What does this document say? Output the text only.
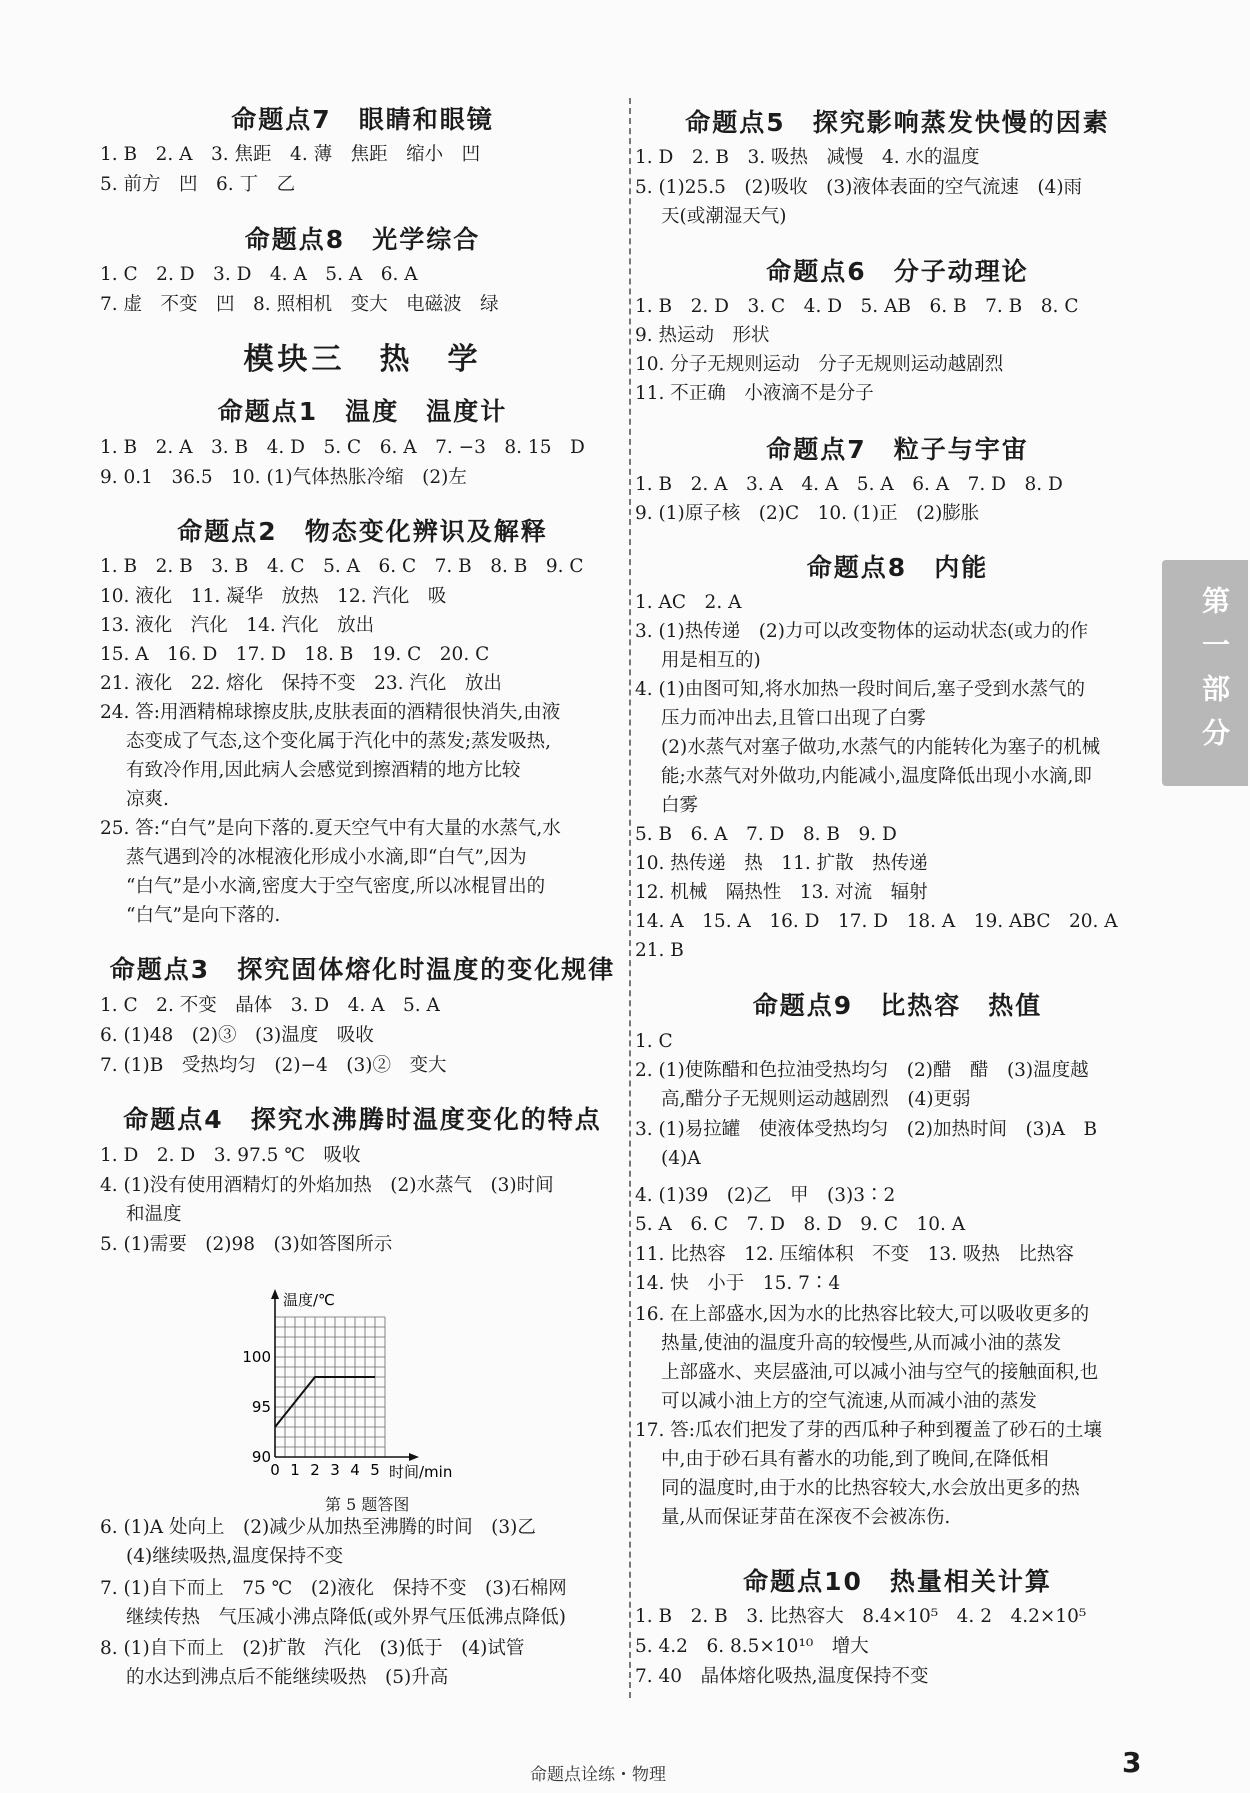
命题点7　眼睛和眼镜
1. B　2. A　3. 焦距　4. 薄　焦距　缩小　凹
5. 前方　凹　6. 丁　乙
命题点8　光学综合
1. C　2. D　3. D　4. A　5. A　6. A
7. 虚　不变　凹　8. 照相机　变大　电磁波　绿
模块三　热　学
命题点1　温度　温度计
1. B　2. A　3. B　4. D　5. C　6. A　7. −3　8. 15　D
9. 0.1　36.5　10. (1)气体热胀冷缩　(2)左
命题点2　物态变化辨识及解释
1. B　2. B　3. B　4. C　5. A　6. C　7. B　8. B　9. C
10. 液化　11. 凝华　放热　12. 汽化　吸
13. 液化　汽化　14. 汽化　放出
15. A　16. D　17. D　18. B　19. C　20. C
21. 液化　22. 熔化　保持不变　23. 汽化　放出
24. 答:用酒精棉球擦皮肤,皮肤表面的酒精很快消失,由液
态变成了气态,这个变化属于汽化中的蒸发;蒸发吸热,
有致冷作用,因此病人会感觉到擦酒精的地方比较
凉爽.
25. 答:“白气”是向下落的.夏天空气中有大量的水蒸气,水
蒸气遇到冷的冰棍液化形成小水滴,即“白气”,因为
“白气”是小水滴,密度大于空气密度,所以冰棍冒出的
“白气”是向下落的.
命题点3　探究固体熔化时温度的变化规律
1. C　2. 不变　晶体　3. D　4. A　5. A
6. (1)48　(2)③　(3)温度　吸收
7. (1)B　受热均匀　(2)−4　(3)②　变大
命题点4　探究水沸腾时温度变化的特点
1. D　2. D　3. 97.5 ℃　吸收
4. (1)没有使用酒精灯的外焰加热　(2)水蒸气　(3)时间
和温度
5. (1)需要　(2)98　(3)如答图所示
6. (1)A 处向上　(2)减少从加热至沸腾的时间　(3)乙
(4)继续吸热,温度保持不变
7. (1)自下而上　75 ℃　(2)液化　保持不变　(3)石棉网
继续传热　气压减小沸点降低(或外界气压低沸点降低)
8. (1)自下而上　(2)扩散　汽化　(3)低于　(4)试管
的水达到沸点后不能继续吸热　(5)升高
命题点5　探究影响蒸发快慢的因素
1. D　2. B　3. 吸热　减慢　4. 水的温度
5. (1)25.5　(2)吸收　(3)液体表面的空气流速　(4)雨
天(或潮湿天气)
命题点6　分子动理论
1. B　2. D　3. C　4. D　5. AB　6. B　7. B　8. C
9. 热运动　形状
10. 分子无规则运动　分子无规则运动越剧烈
11. 不正确　小液滴不是分子
命题点7　粒子与宇宙
1. B　2. A　3. A　4. A　5. A　6. A　7. D　8. D
9. (1)原子核　(2)C　10. (1)正　(2)膨胀
命题点8　内能
1. AC　2. A
3. (1)热传递　(2)力可以改变物体的运动状态(或力的作
用是相互的)
4. (1)由图可知,将水加热一段时间后,塞子受到水蒸气的
压力而冲出去,且管口出现了白雾
(2)水蒸气对塞子做功,水蒸气的内能转化为塞子的机械
能;水蒸气对外做功,内能减小,温度降低出现小水滴,即
白雾
5. B　6. A　7. D　8. B　9. D
10. 热传递　热　11. 扩散　热传递
12. 机械　隔热性　13. 对流　辐射
14. A　15. A　16. D　17. D　18. A　19. ABC　20. A
21. B
命题点9　比热容　热值
1. C
2. (1)使陈醋和色拉油受热均匀　(2)醋　醋　(3)温度越
高,醋分子无规则运动越剧烈　(4)更弱
3. (1)易拉罐　使液体受热均匀　(2)加热时间　(3)A　B
(4)A
4. (1)39　(2)乙　甲　(3)3∶2
5. A　6. C　7. D　8. D　9. C　10. A
11. 比热容　12. 压缩体积　不变　13. 吸热　比热容
14. 快　小于　15. 7∶4
16. 在上部盛水,因为水的比热容比较大,可以吸收更多的
热量,使油的温度升高的较慢些,从而减小油的蒸发
上部盛水、夹层盛油,可以减小油与空气的接触面积,也
可以减小油上方的空气流速,从而减小油的蒸发
17. 答:瓜农们把发了芽的西瓜种子种到覆盖了砂石的土壤
中,由于砂石具有蓄水的功能,到了晚间,在降低相
同的温度时,由于水的比热容较大,水会放出更多的热
量,从而保证芽苗在深夜不会被冻伤.
命题点10　热量相关计算
1. B　2. B　3. 比热容大　8.4×10⁵　4. 2　4.2×10⁵
5. 4.2　6. 8.5×10¹⁰　增大
7. 40　晶体熔化吸热,温度保持不变
第一部分
0 1 2 3 4 5
90
95
100
时间/min
温度/℃
第 5 题答图
命题点诠练・物理	3
